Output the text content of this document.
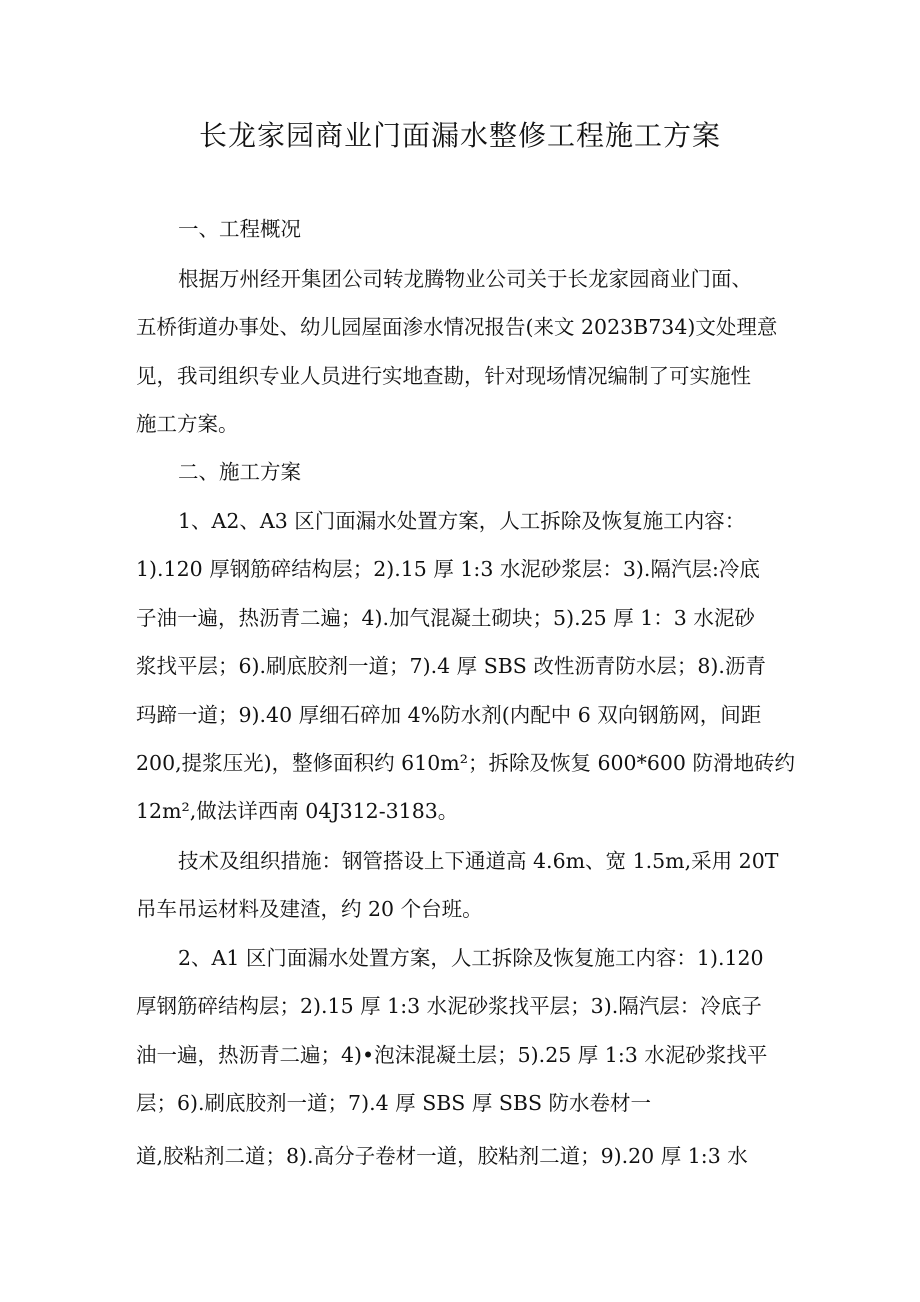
长龙家园商业门面漏水整修工程施工方案
一、工程概况
根据万州经开集团公司转龙腾物业公司关于长龙家园商业门面、
五桥街道办事处、幼儿园屋面渗水情况报告(来文 2023B734)文处理意
见，我司组织专业人员进行实地查勘，针对现场情况编制了可实施性
施工方案。
二、施工方案
1、A2、A3 区门面漏水处置方案，人工拆除及恢复施工内容：
1).120 厚钢筋碎结构层；2).15 厚 1:3 水泥砂浆层：3).隔汽层:冷底
子油一遍，热沥青二遍；4).加气混凝土砌块；5).25 厚 1：3 水泥砂
浆找平层；6).刷底胶剂一道；7).4 厚 SBS 改性沥青防水层；8).沥青
玛蹄一道；9).40 厚细石碎加 4%防水剂(内配中 6 双向钢筋网，间距
200,提浆压光)，整修面积约 610m²；拆除及恢复 600*600 防滑地砖约
12m²,做法详西南 04J312-3183。
技术及组织措施：钢管搭设上下通道高 4.6m、宽 1.5m,采用 20T
吊车吊运材料及建渣，约 20 个台班。
2、A1 区门面漏水处置方案，人工拆除及恢复施工内容：1).120
厚钢筋碎结构层；2).15 厚 1:3 水泥砂浆找平层；3).隔汽层：冷底子
油一遍，热沥青二遍；4)•泡沫混凝土层；5).25 厚 1:3 水泥砂浆找平
层；6).刷底胶剂一道；7).4 厚 SBS 厚 SBS 防水卷材一
道,胶粘剂二道；8).高分子卷材一道，胶粘剂二道；9).20 厚 1:3 水
